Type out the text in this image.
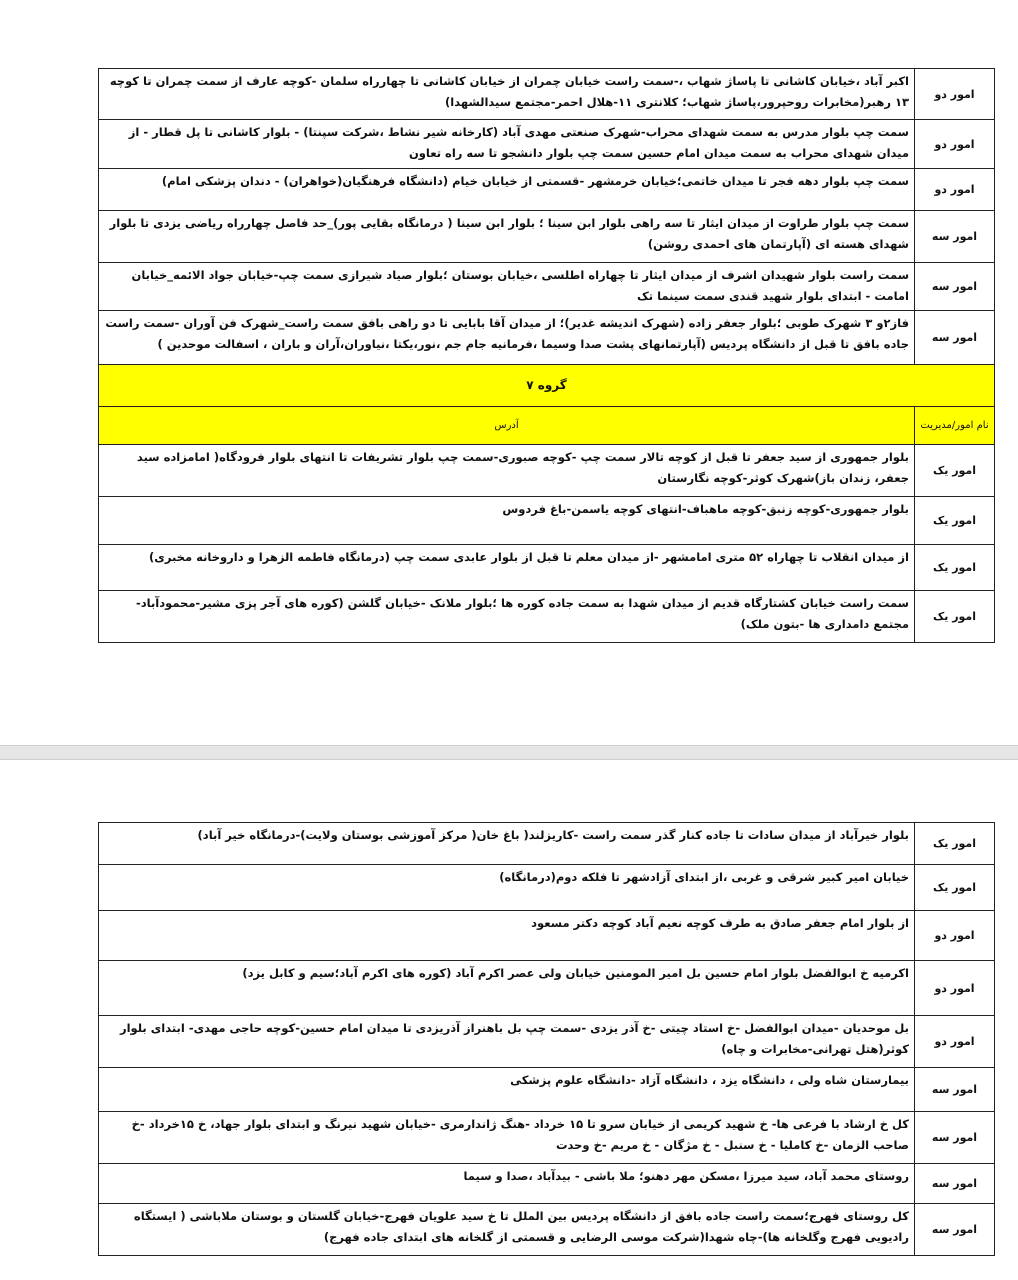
امور دو	اکبر آباد ،خیابان کاشانی تا پاساژ شهاب ،-سمت راست خیابان چمران از خیابان کاشانی تا چهارراه سلمان -کوچه عارف از سمت چمران تا کوچه ۱۳ رهبر(مخابرات روحپرور،پاساژ شهاب؛ کلانتری ۱۱-هلال احمر-مجتمع سیدالشهدا)
امور دو	سمت چپ بلوار مدرس به سمت شهدای محراب-شهرک صنعتی مهدی آباد (کارخانه شیر نشاط ،شرکت سپنتا) - بلوار کاشانی تا پل قطار - از میدان شهدای محراب به سمت میدان امام حسین سمت چپ بلوار دانشجو تا سه راه تعاون
امور دو	سمت چپ بلوار دهه فجر تا میدان خاتمی؛خیابان خرمشهر -قسمتی از خیابان خیام (دانشگاه فرهنگیان(خواهران) - دندان پزشکی امام)
امور سه	سمت چپ بلوار طراوت از میدان ایثار تا سه راهی بلوار ابن سینا ؛ بلوار ابن سینا ( درمانگاه بقایی پور)_حد فاصل چهارراه ریاضی یزدی تا بلوار شهدای هسته ای (آپارتمان های احمدی روشن)
امور سه	سمت راست بلوار شهیدان اشرف از میدان ایثار تا چهاراه اطلسی ،خیابان بوستان ؛بلوار صیاد شیرازی سمت چپ-خیابان جواد الائمه_خیابان امامت - ابتدای بلوار شهید قندی سمت سینما تک
امور سه	فاز۲و ۳ شهرک طوبی ؛بلوار جعفر زاده (شهرک اندیشه غدیر)؛ از میدان آقا بابایی تا دو راهی بافق سمت راست_شهرک فن آوران -سمت راست جاده بافق تا قبل از دانشگاه پردیس (آپارتمانهای پشت صدا وسیما ،فرمانیه جام جم ،نور،یکتا ،نیاوران،آران و باران ، اسفالت موحدین )
گروه ۷	
نام امور/مدیریت	آدرس
امور یک	بلوار جمهوری از سید جعفر تا قبل از کوچه تالار سمت چپ -کوچه صبوری-سمت چپ بلوار تشریفات تا انتهای بلوار فرودگاه( امامزاده سید جعفر، زندان باز)شهرک کوثر-کوچه نگارستان
امور یک	بلوار جمهوری-کوچه زنبق-کوچه ماهباف-انتهای کوچه یاسمن-باغ فردوس
امور یک	از میدان انقلاب تا چهاراه ۵۲ متری امامشهر -از میدان معلم تا قبل از بلوار عابدی سمت چپ (درمانگاه فاطمه الزهرا و داروخانه مخبری)
امور یک	سمت راست خیابان کشتارگاه قدیم از میدان شهدا به سمت جاده کوره ها ؛بلوار ملانک -خیابان گلشن (کوره های آجر پزی مشیر-محمودآباد-مجتمع دامداری ها -بتون ملک)
امور یک	بلوار خیرآباد از میدان سادات تا جاده کنار گذر سمت راست -کاریزلند( باغ خان( مرکز آموزشی بوستان ولایت)-درمانگاه خیر آباد)
امور یک	خیابان امیر کبیر شرقی و غربی ،از ابتدای آزادشهر تا فلکه دوم(درمانگاه)
امور دو	از بلوار امام جعفر صادق به طرف کوچه نعیم آباد کوچه دکتر مسعود
امور دو	اکرمیه خ ابوالفضل بلوار امام حسین بل امیر المومنین خیابان ولی عصر اکرم آباد (کوره های اکرم آباد؛سیم و کابل یزد)
امور دو	بل موحدیان -میدان ابوالفضل -خ استاد چیتی -خ آذر یزدی -سمت چپ بل باهنراز آذریزدی تا میدان امام حسین-کوچه حاجی مهدی- ابتدای بلوار کوثر(هتل تهرانی-مخابرات و چاه)
امور سه	بیمارستان شاه ولی ، دانشگاه یزد ، دانشگاه آزاد -دانشگاه علوم پزشکی
امور سه	کل خ ارشاد با فرعی ها- خ شهید کریمی از خیابان سرو تا ۱۵ خرداد -هنگ ژاندارمری -خیابان شهید نیرنگ و ابتدای بلوار جهاد، خ ۱۵خرداد -خ صاحب الزمان -خ کاملیا - خ سنبل - خ مژگان - خ مریم -خ وحدت
امور سه	روستای محمد آباد، سید میرزا ،مسکن مهر دهنو؛ ملا باشی - بیدآباد ،صدا و سیما
امور سه	کل روستای فهرج؛سمت راست جاده بافق از دانشگاه پردیس بین الملل تا خ سید علویان فهرج-خیابان گلستان و بوستان ملاباشی ( ایستگاه رادیویی فهرج وگلخانه ها)-چاه شهدا(شرکت موسی الرضایی و قسمتی از گلخانه های ابتدای جاده فهرج)
